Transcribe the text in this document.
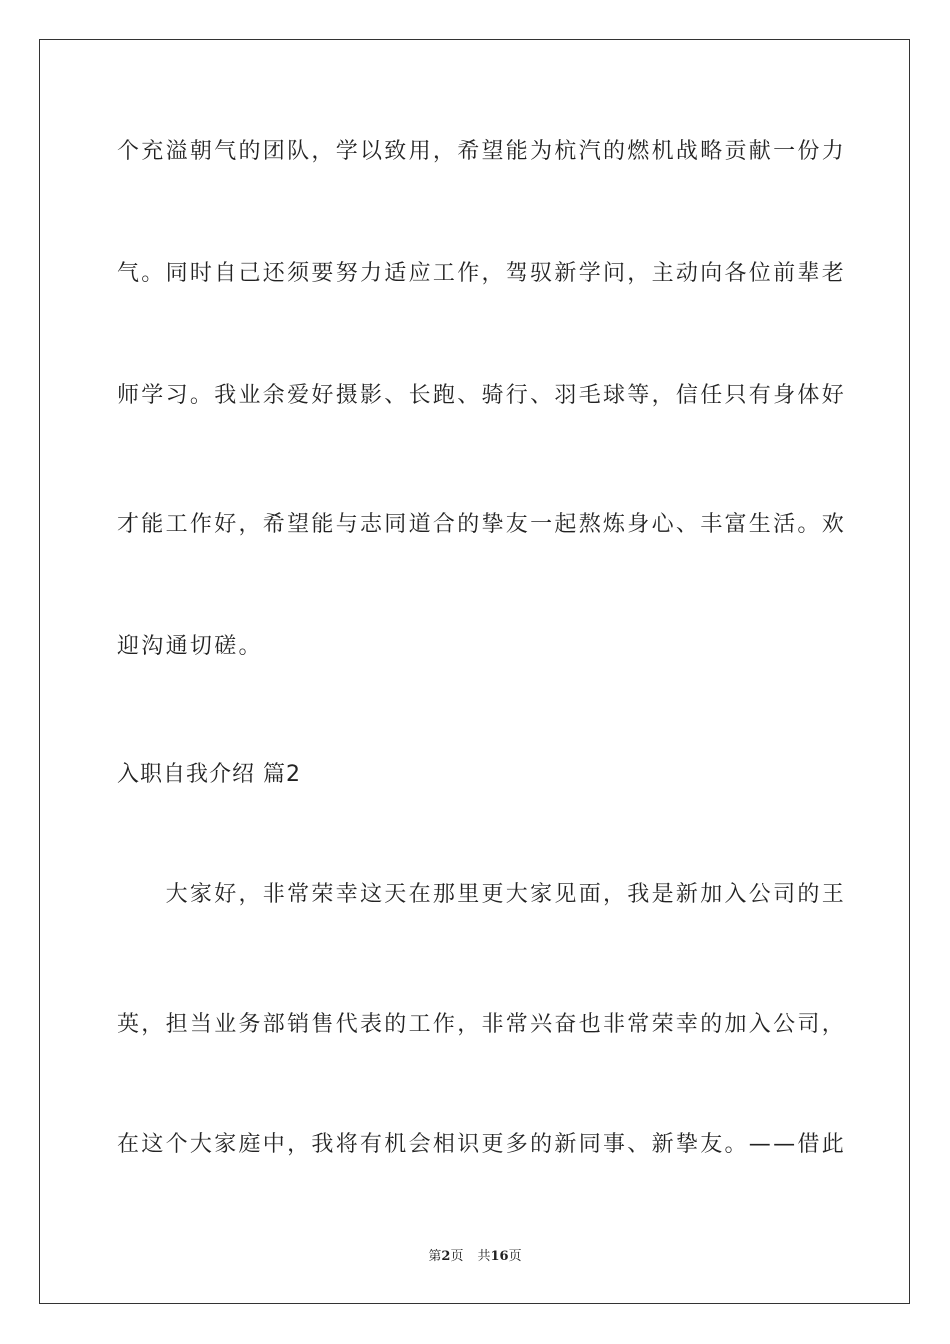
个充溢朝气的团队，学以致用，希望能为杭汽的燃机战略贡献一份力
气。同时自己还须要努力适应工作，驾驭新学问，主动向各位前辈老
师学习。我业余爱好摄影、长跑、骑行、羽毛球等，信任只有身体好
才能工作好，希望能与志同道合的挚友一起熬炼身心、丰富生活。欢
迎沟通切磋。
入职自我介绍 篇2
　　大家好，非常荣幸这天在那里更大家见面，我是新加入公司的王
英，担当业务部销售代表的工作，非常兴奋也非常荣幸的加入公司，
在这个大家庭中，我将有机会相识更多的新同事、新挚友。——借此
第2页 共16页
